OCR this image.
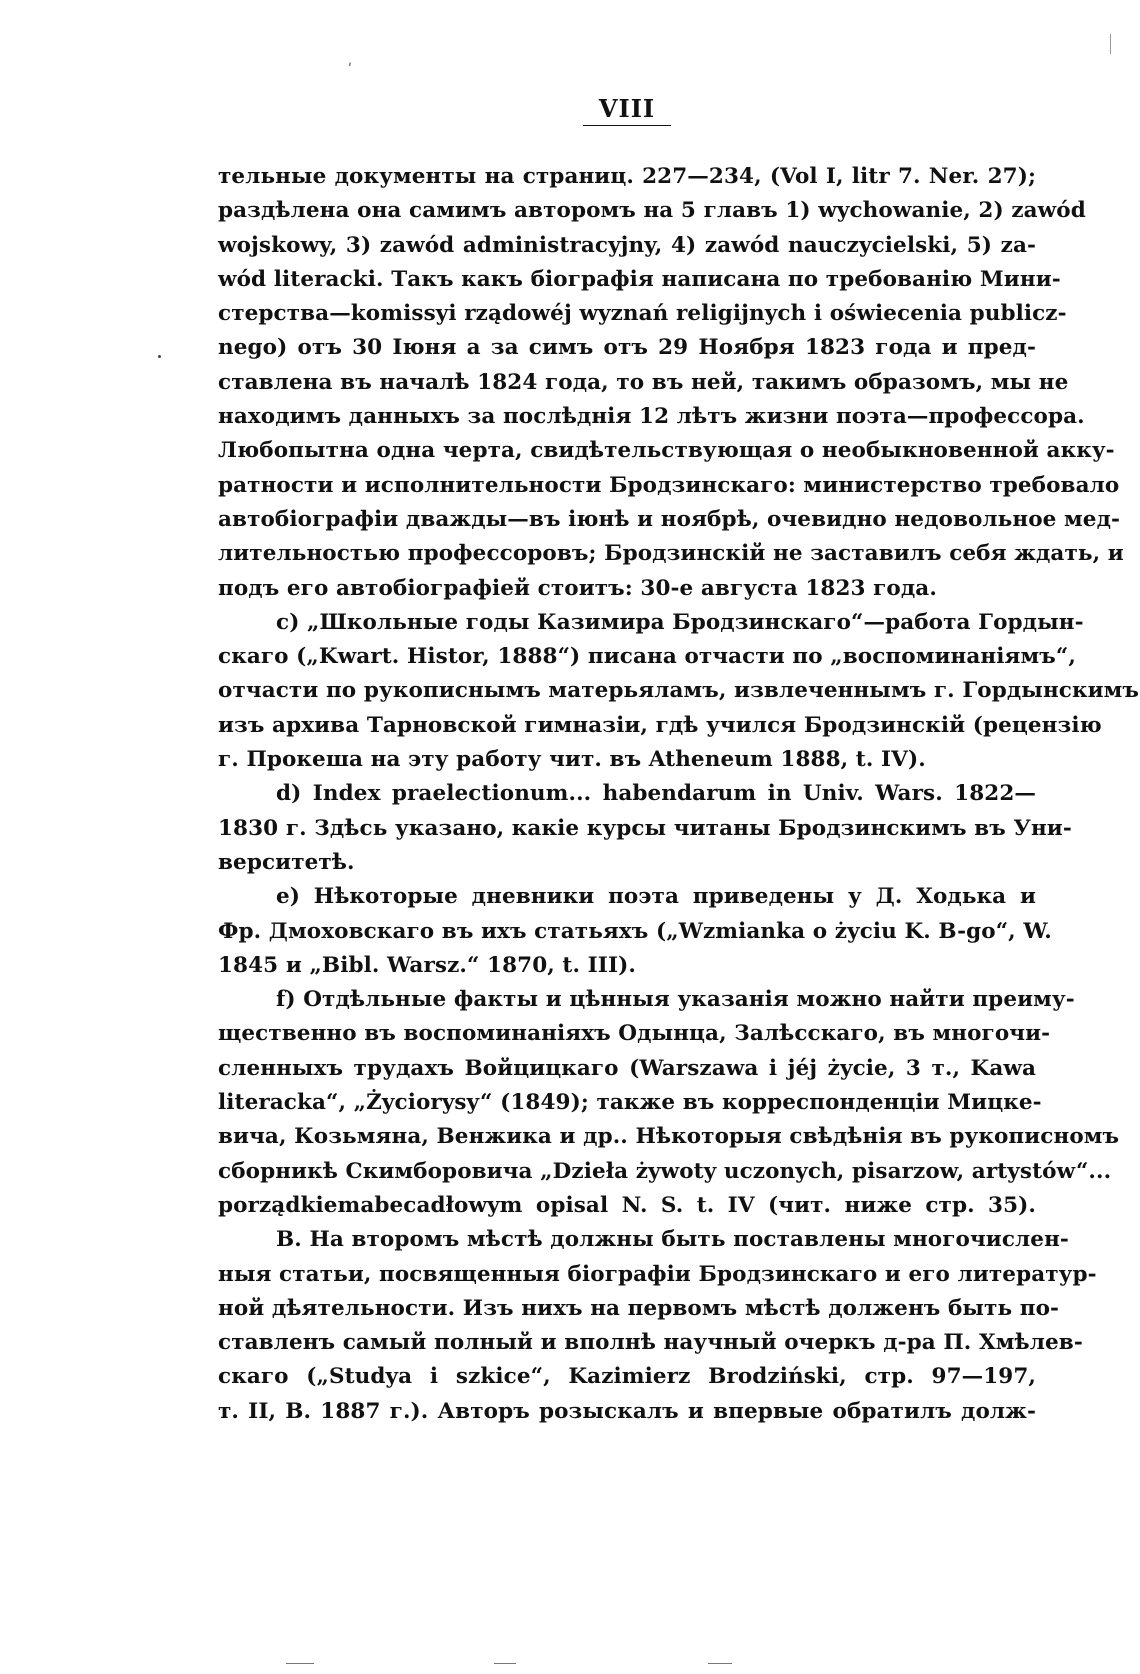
ʹ
VIII
тельные документы на страниц. 227—234, (Vol I, litr 7. Ner. 27);
раздѣлена она самимъ авторомъ на 5 главъ 1) wychowanie, 2) zawód
wojskowy, 3) zawód administracyjny, 4) zawód nauczycielski, 5) za-
wód literacki. Такъ какъ біографія написана по требованію Мини-
стерства—komissyi rządowéj wyznań religijnych i oświecenia publicz-
nego) отъ 30 Іюня а за симъ отъ 29 Ноября 1823 года и пред-
ставлена въ началѣ 1824 года, то въ ней, такимъ образомъ, мы не
находимъ данныхъ за послѣднія 12 лѣтъ жизни поэта—профессора.
Любопытна одна черта, свидѣтельствующая о необыкновенной акку-
ратности и исполнительности Бродзинскаго: министерство требовало
автобіографіи дважды—въ іюнѣ и ноябрѣ, очевидно недовольное мед-
лительностью профессоровъ; Бродзинскій не заставилъ себя ждать, и
подъ его автобіографіей стоитъ: 30-е августа 1823 года.
c) „Школьные годы Казимира Бродзинскаго“—работа Гордын-
скаго („Kwart. Histor, 1888“) писана отчасти по „воспоминаніямъ“,
отчасти по рукописнымъ матерьяламъ, извлеченнымъ г. Гордынскимъ
изъ архива Тарновской гимназіи, гдѣ учился Бродзинскій (рецензію
г. Прокеша на эту работу чит. въ Atheneum 1888, t. IV).
d) Index praelectionum... habendarum in Univ. Wars. 1822—
1830 г. Здѣсь указано, какіе курсы читаны Бродзинскимъ въ Уни-
верситетѣ.
e) Нѣкоторые дневники поэта приведены у Д. Ходька и
Фр. Дмоховскаго въ ихъ статьяхъ („Wzmianka o życiu K. B-go“, W.
1845 и „Bibl. Warsz.“ 1870, t. III).
f) Отдѣльные факты и цѣнныя указанія можно найти преиму-
щественно въ воспоминаніяхъ Одынца, Залѣсскаго, въ многочи-
сленныхъ трудахъ Войцицкаго (Warszawa i jéj życie, 3 т., Kawa
literacka“, „Życiorysy“ (1849); также въ корреспонденціи Мицке-
вича, Козьмяна, Венжика и др.. Нѣкоторыя свѣдѣнія въ рукописномъ
сборникѣ Скимборовича „Dzieła żywoty uczonych, pisarzow, artystów“...
porządkiemabecadłowym opisal N. S. t. IV (чит. ниже стр. 35).
B. На второмъ мѣстѣ должны быть поставлены многочислен-
ныя статьи, посвященныя біографіи Бродзинскаго и его литератур-
ной дѣятельности. Изъ нихъ на первомъ мѣстѣ долженъ быть по-
ставленъ самый полный и вполнѣ научный очеркъ д-ра П. Хмѣлев-
скаго („Studya i szkice“, Kazimierz Brodziński, стр. 97—197,
т. II, B. 1887 г.). Авторъ розыскалъ и впервые обратилъ долж-
